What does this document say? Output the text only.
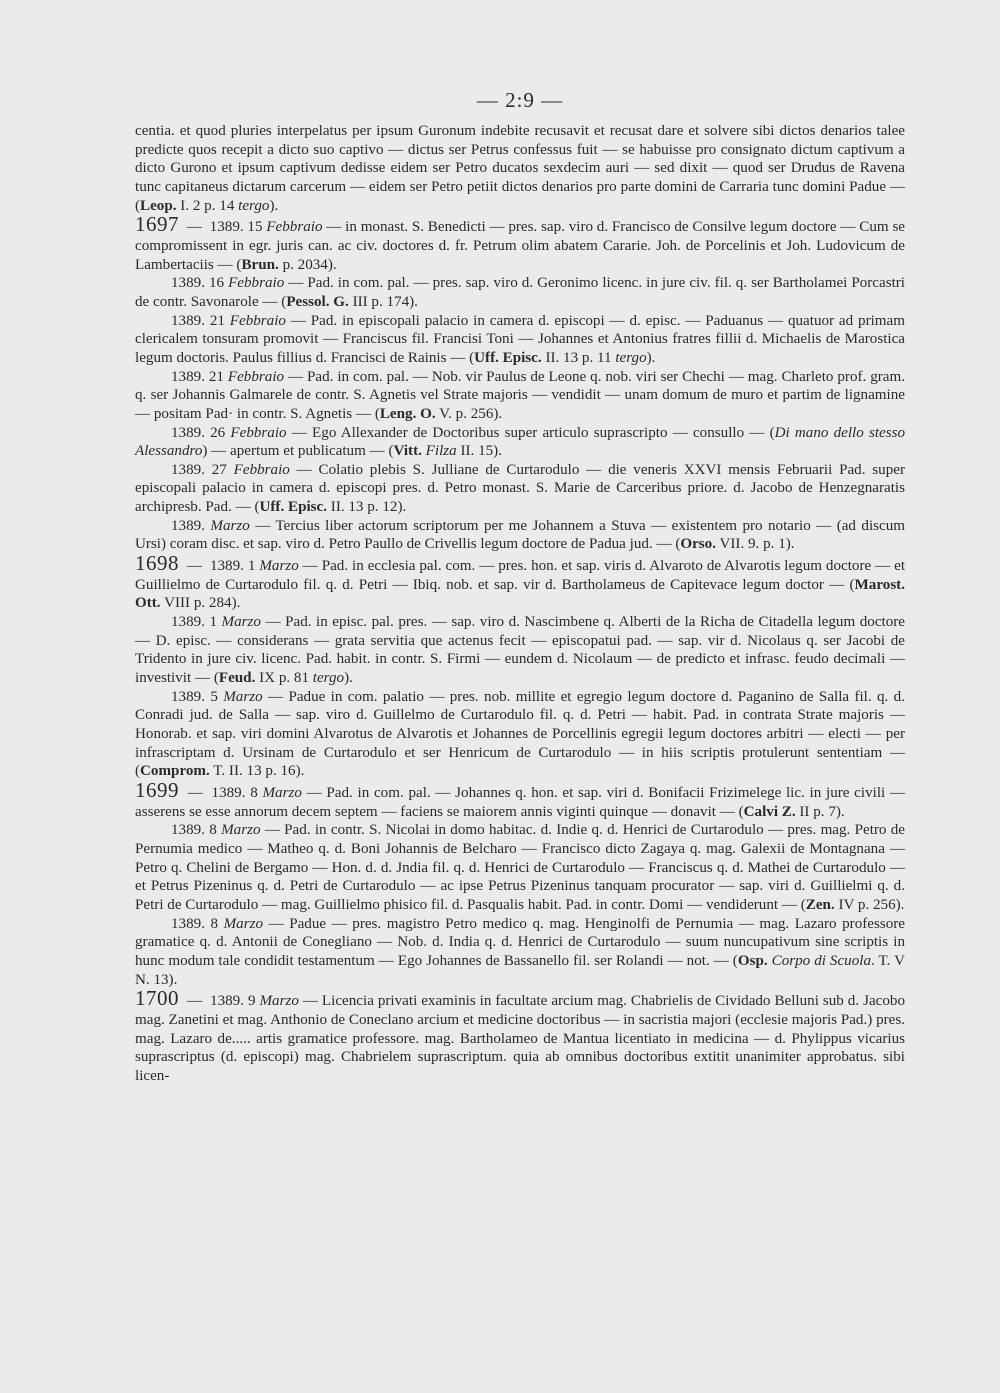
— 2:9 —

centia. et quod pluries interpelatus per ipsum Guronum indebite recusavit et recusat dare et solvere sibi dictos denarios talee predicte quos recepit a dicto suo captivo — dictus ser Petrus confessus fuit — se habuisse pro consignato dictum captivum a dicto Gurono et ipsum captivum dedisse eidem ser Petro ducatos sexdecim auri — sed dixit — quod ser Drudus de Ravena tunc capitaneus dictarum carcerum — eidem ser Petro petiit dictos denarios pro parte domini de Carraria tunc domini Padue — (Leop. I. 2 p. 14 tergo).

1697 — 1389. 15 Febbraio — in monast. S. Benedicti — pres. sap. viro d. Francisco de Consilve legum doctore — Cum se compromissent in egr. juris can. ac civ. doctores d. fr. Petrum olim abatem Cararie. Joh. de Porcelinis et Joh. Ludovicum de Lambertaciis — (Brun. p. 2034).

1389. 16 Febbraio — Pad. in com. pal. — pres. sap. viro d. Geronimo licenc. in jure civ. fil. q. ser Bartholamei Porcastri de contr. Savonarole — (Pessol. G. III p. 174).

1389. 21 Febbraio — Pad. in episcopali palacio in camera d. episcopi — d. episc. — Paduanus — quatuor ad primam clericalem tonsuram promovit — Franciscus fil. Francisi Toni — Johannes et Antonius fratres fillii d. Michaelis de Marostica legum doctoris. Paulus fillius d. Francisci de Rainis — (Uff. Episc. II. 13 p. 11 tergo).

1389. 21 Febbraio — Pad. in com. pal. — Nob. vir Paulus de Leone q. nob. viri ser Chechi — mag. Charleto prof. gram. q. ser Johannis Galmarele de contr. S. Agnetis vel Strate majoris — vendidit — unam domum de muro et partim de lignamine — positam Pad· in contr. S. Agnetis — (Leng. O. V. p. 256).

1389. 26 Febbraio — Ego Allexander de Doctoribus super articulo suprascripto — consullo — (Di mano dello stesso Alessandro) — apertum et publicatum — (Vitt. Filza II. 15).

1389. 27 Febbraio — Colatio plebis S. Julliane de Curtarodulo — die veneris XXVI mensis Februarii Pad. super episcopali palacio in camera d. episcopi pres. d. Petro monast. S. Marie de Carceribus priore. d. Jacobo de Henzegnaratis archipresb. Pad. — (Uff. Episc. II. 13 p. 12).

1389. Marzo — Tercius liber actorum scriptorum per me Johannem a Stuva — existentem pro notario — (ad discum Ursi) coram disc. et sap. viro d. Petro Paullo de Crivellis legum doctore de Padua jud. — (Orso. VII. 9. p. 1).

1698 — 1389. 1 Marzo — Pad. in ecclesia pal. com. — pres. hon. et sap. viris d. Alvaroto de Alvarotis legum doctore — et Guillielmo de Curtarodulo fil. q. d. Petri — Ibiq. nob. et sap. vir d. Bartholameus de Capitevace legum doctor — (Marost. Ott. VIII p. 284).

1389. 1 Marzo — Pad. in episc. pal. pres. — sap. viro d. Nascimbene q. Alberti de la Richa de Citadella legum doctore — D. episc. — considerans — grata servitia que actenus fecit — episcopatui pad. — sap. vir d. Nicolaus q. ser Jacobi de Tridento in jure civ. licenc. Pad. habit. in contr. S. Firmi — eundem d. Nicolaum — de predicto et infrasc. feudo decimali — investivit — (Feud. IX p. 81 tergo).

1389. 5 Marzo — Padue in com. palatio — pres. nob. millite et egregio legum doctore d. Paganino de Salla fil. q. d. Conradi jud. de Salla — sap. viro d. Guillelmo de Curtarodulo fil. q. d. Petri — habit. Pad. in contrata Strate majoris — Honorab. et sap. viri domini Alvarotus de Alvarotis et Johannes de Porcellinis egregii legum doctores arbitri — electi — per infrascriptam d. Ursinam de Curtarodulo et ser Henricum de Curtarodulo — in hiis scriptis protulerunt sententiam — (Comprom. T. II. 13 p. 16).

1699 — 1389. 8 Marzo — Pad. in com. pal. — Johannes q. hon. et sap. viri d. Bonifacii Frizimelege lic. in jure civili — asserens se esse annorum decem septem — faciens se maiorem annis viginti quinque — donavit — (Calvi Z. II p. 7).

1389. 8 Marzo — Pad. in contr. S. Nicolai in domo habitac. d. Indie q. d. Henrici de Curtarodulo — pres. mag. Petro de Pernumia medico — Matheo q. d. Boni Johannis de Belcharo — Francisco dicto Zagaya q. mag. Galexii de Montagnana — Petro q. Chelini de Bergamo — Hon. d. d. Jndia fil. q. d. Henrici de Curtarodulo — Franciscus q. d. Mathei de Curtarodulo — et Petrus Pizeninus q. d. Petri de Curtarodulo — ac ipse Petrus Pizeninus tanquam procurator — sap. viri d. Guillielmi q. d. Petri de Curtarodulo — mag. Guillielmo phisico fil. d. Pasqualis habit. Pad. in contr. Domi — vendiderunt — (Zen. IV p. 256).

1389. 8 Marzo — Padue — pres. magistro Petro medico q. mag. Henginolfi de Pernumia — mag. Lazaro professore gramatice q. d. Antonii de Conegliano — Nob. d. India q. d. Henrici de Curtarodulo — suum nuncupativum sine scriptis in hunc modum tale condidit testamentum — Ego Johannes de Bassanello fil. ser Rolandi — not. — (Osp. Corpo di Scuola. T. V N. 13).

1700 — 1389. 9 Marzo — Licencia privati examinis in facultate arcium mag. Chabrielis de Cividado Belluni sub d. Jacobo mag. Zanetini et mag. Anthonio de Coneclano arcium et medicine doctoribus — in sacristia majori (ecclesie majoris Pad.) pres. mag. Lazaro de..... artis gramatice professore. mag. Bartholameo de Mantua licentiato in medicina — d. Phylippus vicarius suprascriptus (d. episcopi) mag. Chabrielem suprascriptum. quia ab omnibus doctoribus extitit unanimiter approbatus. sibi licen-
